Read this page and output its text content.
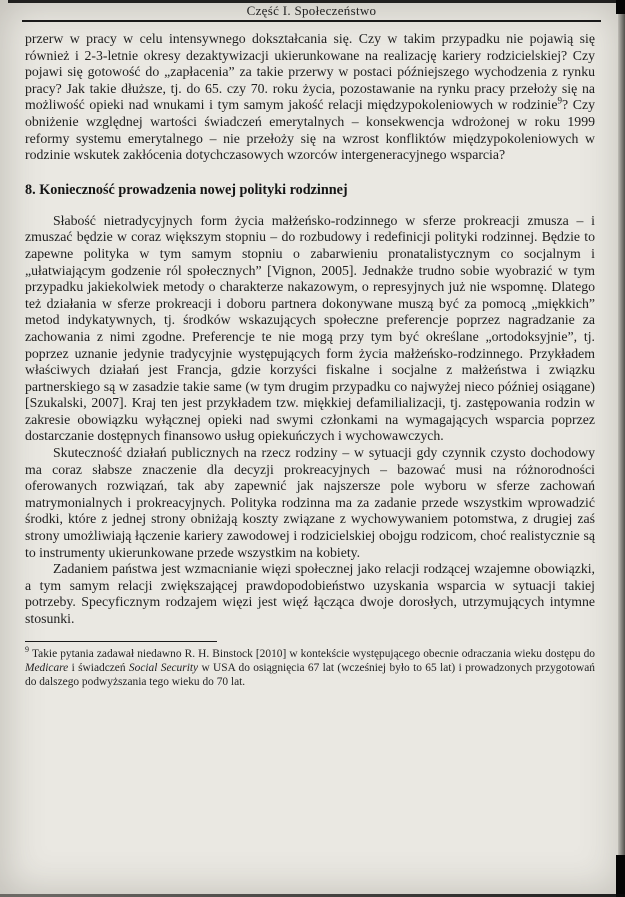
Część I. Społeczeństwo

przerw w pracy w celu intensywnego dokształcania się. Czy w takim przypadku nie pojawią się również i 2-3-letnie okresy dezaktywizacji ukierunkowane na realizację kariery rodzicielskiej? Czy pojawi się gotowość do „zapłacenia” za takie przerwy w postaci późniejszego wychodzenia z rynku pracy? Jak takie dłuższe, tj. do 65. czy 70. roku życia, pozostawanie na rynku pracy przełoży się na możliwość opieki nad wnukami i tym samym jakość relacji międzypokoleniowych w rodzinie$^9$? Czy obniżenie względnej wartości świadczeń emerytalnych – konsekwencja wdrożonej w roku 1999 reformy systemu emerytalnego – nie przełoży się na wzrost konfliktów międzypokoleniowych w rodzinie wskutek zakłócenia dotychczasowych wzorców intergeneracyjnego wsparcia?

8. Konieczność prowadzenia nowej polityki rodzinnej

Słabość nietradycyjnych form życia małżeńsko-rodzinnego w sferze prokreacji zmusza – i zmuszać będzie w coraz większym stopniu – do rozbudowy i redefinicji polityki rodzinnej. Będzie to zapewne polityka w tym samym stopniu o zabarwieniu pronatalistycznym co socjalnym i „ułatwiającym godzenie ról społecznych” [Vignon, 2005]. Jednakże trudno sobie wyobrazić w tym przypadku jakiekolwiek metody o charakterze nakazowym, o represyjnych już nie wspomnę. Dlatego też działania w sferze prokreacji i doboru partnera dokonywane muszą być za pomocą „miękkich” metod indykatywnych, tj. środków wskazujących społeczne preferencje poprzez nagradzanie za zachowania z nimi zgodne. Preferencje te nie mogą przy tym być określane „ortodoksyjnie”, tj. poprzez uznanie jedynie tradycyjnie występujących form życia małżeńsko-rodzinnego. Przykładem właściwych działań jest Francja, gdzie korzyści fiskalne i socjalne z małżeństwa i związku partnerskiego są w zasadzie takie same (w tym drugim przypadku co najwyżej nieco później osiągane) [Szukalski, 2007]. Kraj ten jest przykładem tzw. miękkiej defamilializacji, tj. zastępowania rodzin w zakresie obowiązku wyłącznej opieki nad swymi członkami na wymagających wsparcia poprzez dostarczanie dostępnych finansowo usług opiekuńczych i wychowawczych.

Skuteczność działań publicznych na rzecz rodziny – w sytuacji gdy czynnik czysto dochodowy ma coraz słabsze znaczenie dla decyzji prokreacyjnych – bazować musi na różnorodności oferowanych rozwiązań, tak aby zapewnić jak najszersze pole wyboru w sferze zachowań matrymonialnych i prokreacyjnych. Polityka rodzinna ma za zadanie przede wszystkim wprowadzić środki, które z jednej strony obniżają koszty związane z wychowywaniem potomstwa, z drugiej zaś strony umożliwiają łączenie kariery zawodowej i rodzicielskiej obojgu rodzicom, choć realistycznie są to instrumenty ukierunkowane przede wszystkim na kobiety.

Zadaniem państwa jest wzmacnianie więzi społecznej jako relacji rodzącej wzajemne obowiązki, a tym samym relacji zwiększającej prawdopodobieństwo uzyskania wsparcia w sytuacji takiej potrzeby. Specyficznym rodzajem więzi jest więź łącząca dwoje dorosłych, utrzymujących intymne stosunki.

$^9$ Takie pytania zadawał niedawno R. H. Binstock [2010] w kontekście występującego obecnie odraczania wieku dostępu do Medicare i świadczeń Social Security w USA do osiągnięcia 67 lat (wcześniej było to 65 lat) i prowadzonych przygotowań do dalszego podwyższania tego wieku do 70 lat.
